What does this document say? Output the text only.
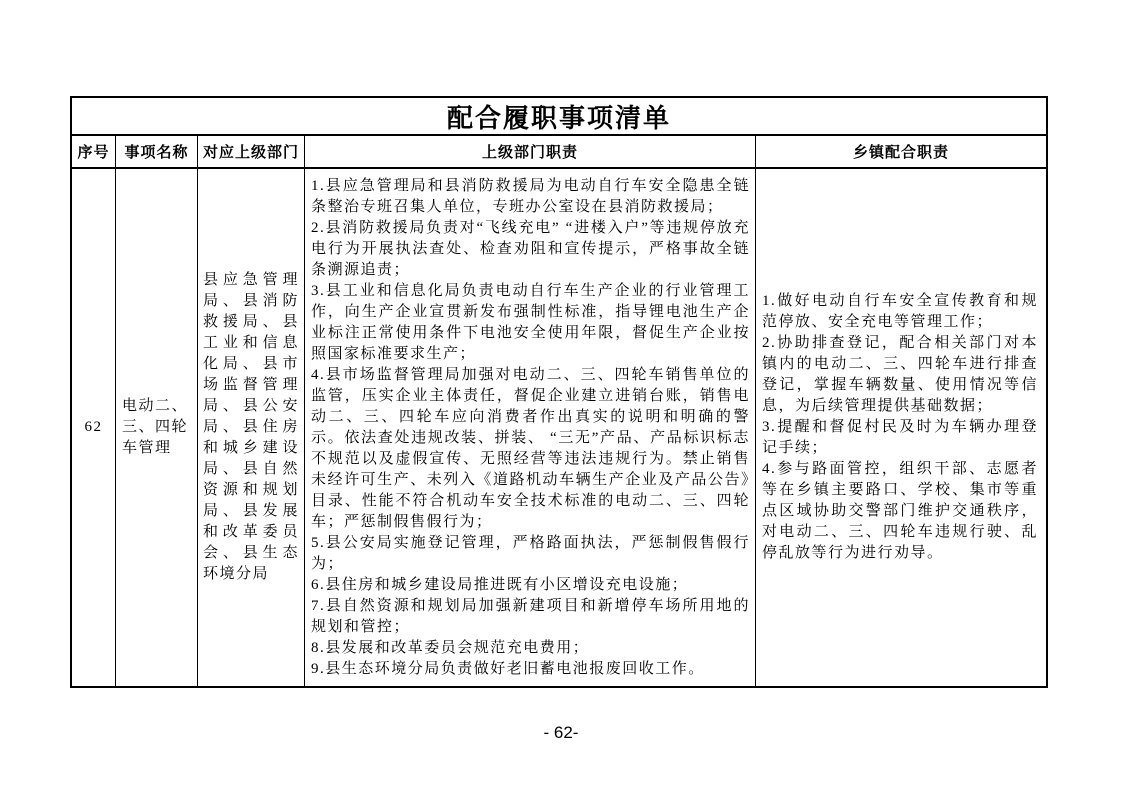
配合履职事项清单
序号 事项名称 对应上级部门	上级部门职责	乡镇配合职责
62
电动二、三、四轮车管理
县应急管理局、县消防救援局、县工业和信息化局、县市场监督管理局、县公安局、县住房和城乡建设局、县自然资源和规划局、县发展和改革委员会、县生态环境分局
1.县应急管理局和县消防救援局为电动自行车安全隐患全链条整治专班召集人单位，专班办公室设在县消防救援局；
2.县消防救援局负责对“飞线充电” “进楼入户”等违规停放充电行为开展执法查处、检查劝阻和宣传提示，严格事故全链条溯源追责；
3.县工业和信息化局负责电动自行车生产企业的行业管理工作，向生产企业宣贯新发布强制性标准，指导锂电池生产企业标注正常使用条件下电池安全使用年限，督促生产企业按照国家标准要求生产；
4.县市场监督管理局加强对电动二、三、四轮车销售单位的监管，压实企业主体责任，督促企业建立进销台账，销售电动二、三、四轮车应向消费者作出真实的说明和明确的警示。依法查处违规改装、拼装、 “三无”产品、产品标识标志不规范以及虚假宣传、无照经营等违法违规行为。禁止销售未经许可生产、未列入《道路机动车辆生产企业及产品公告》目录、性能不符合机动车安全技术标准的电动二、三、四轮车；严惩制假售假行为；
5.县公安局实施登记管理，严格路面执法，严惩制假售假行为；
6.县住房和城乡建设局推进既有小区增设充电设施；
7.县自然资源和规划局加强新建项目和新增停车场所用地的规划和管控；
8.县发展和改革委员会规范充电费用；
9.县生态环境分局负责做好老旧蓄电池报废回收工作。
1.做好电动自行车安全宣传教育和规范停放、安全充电等管理工作；
2.协助排查登记，配合相关部门对本镇内的电动二、三、四轮车进行排查登记，掌握车辆数量、使用情况等信息，为后续管理提供基础数据；
3.提醒和督促村民及时为车辆办理登记手续；
4.参与路面管控，组织干部、志愿者等在乡镇主要路口、学校、集市等重点区域协助交警部门维护交通秩序，对电动二、三、四轮车违规行驶、乱停乱放等行为进行劝导。
- 62-
